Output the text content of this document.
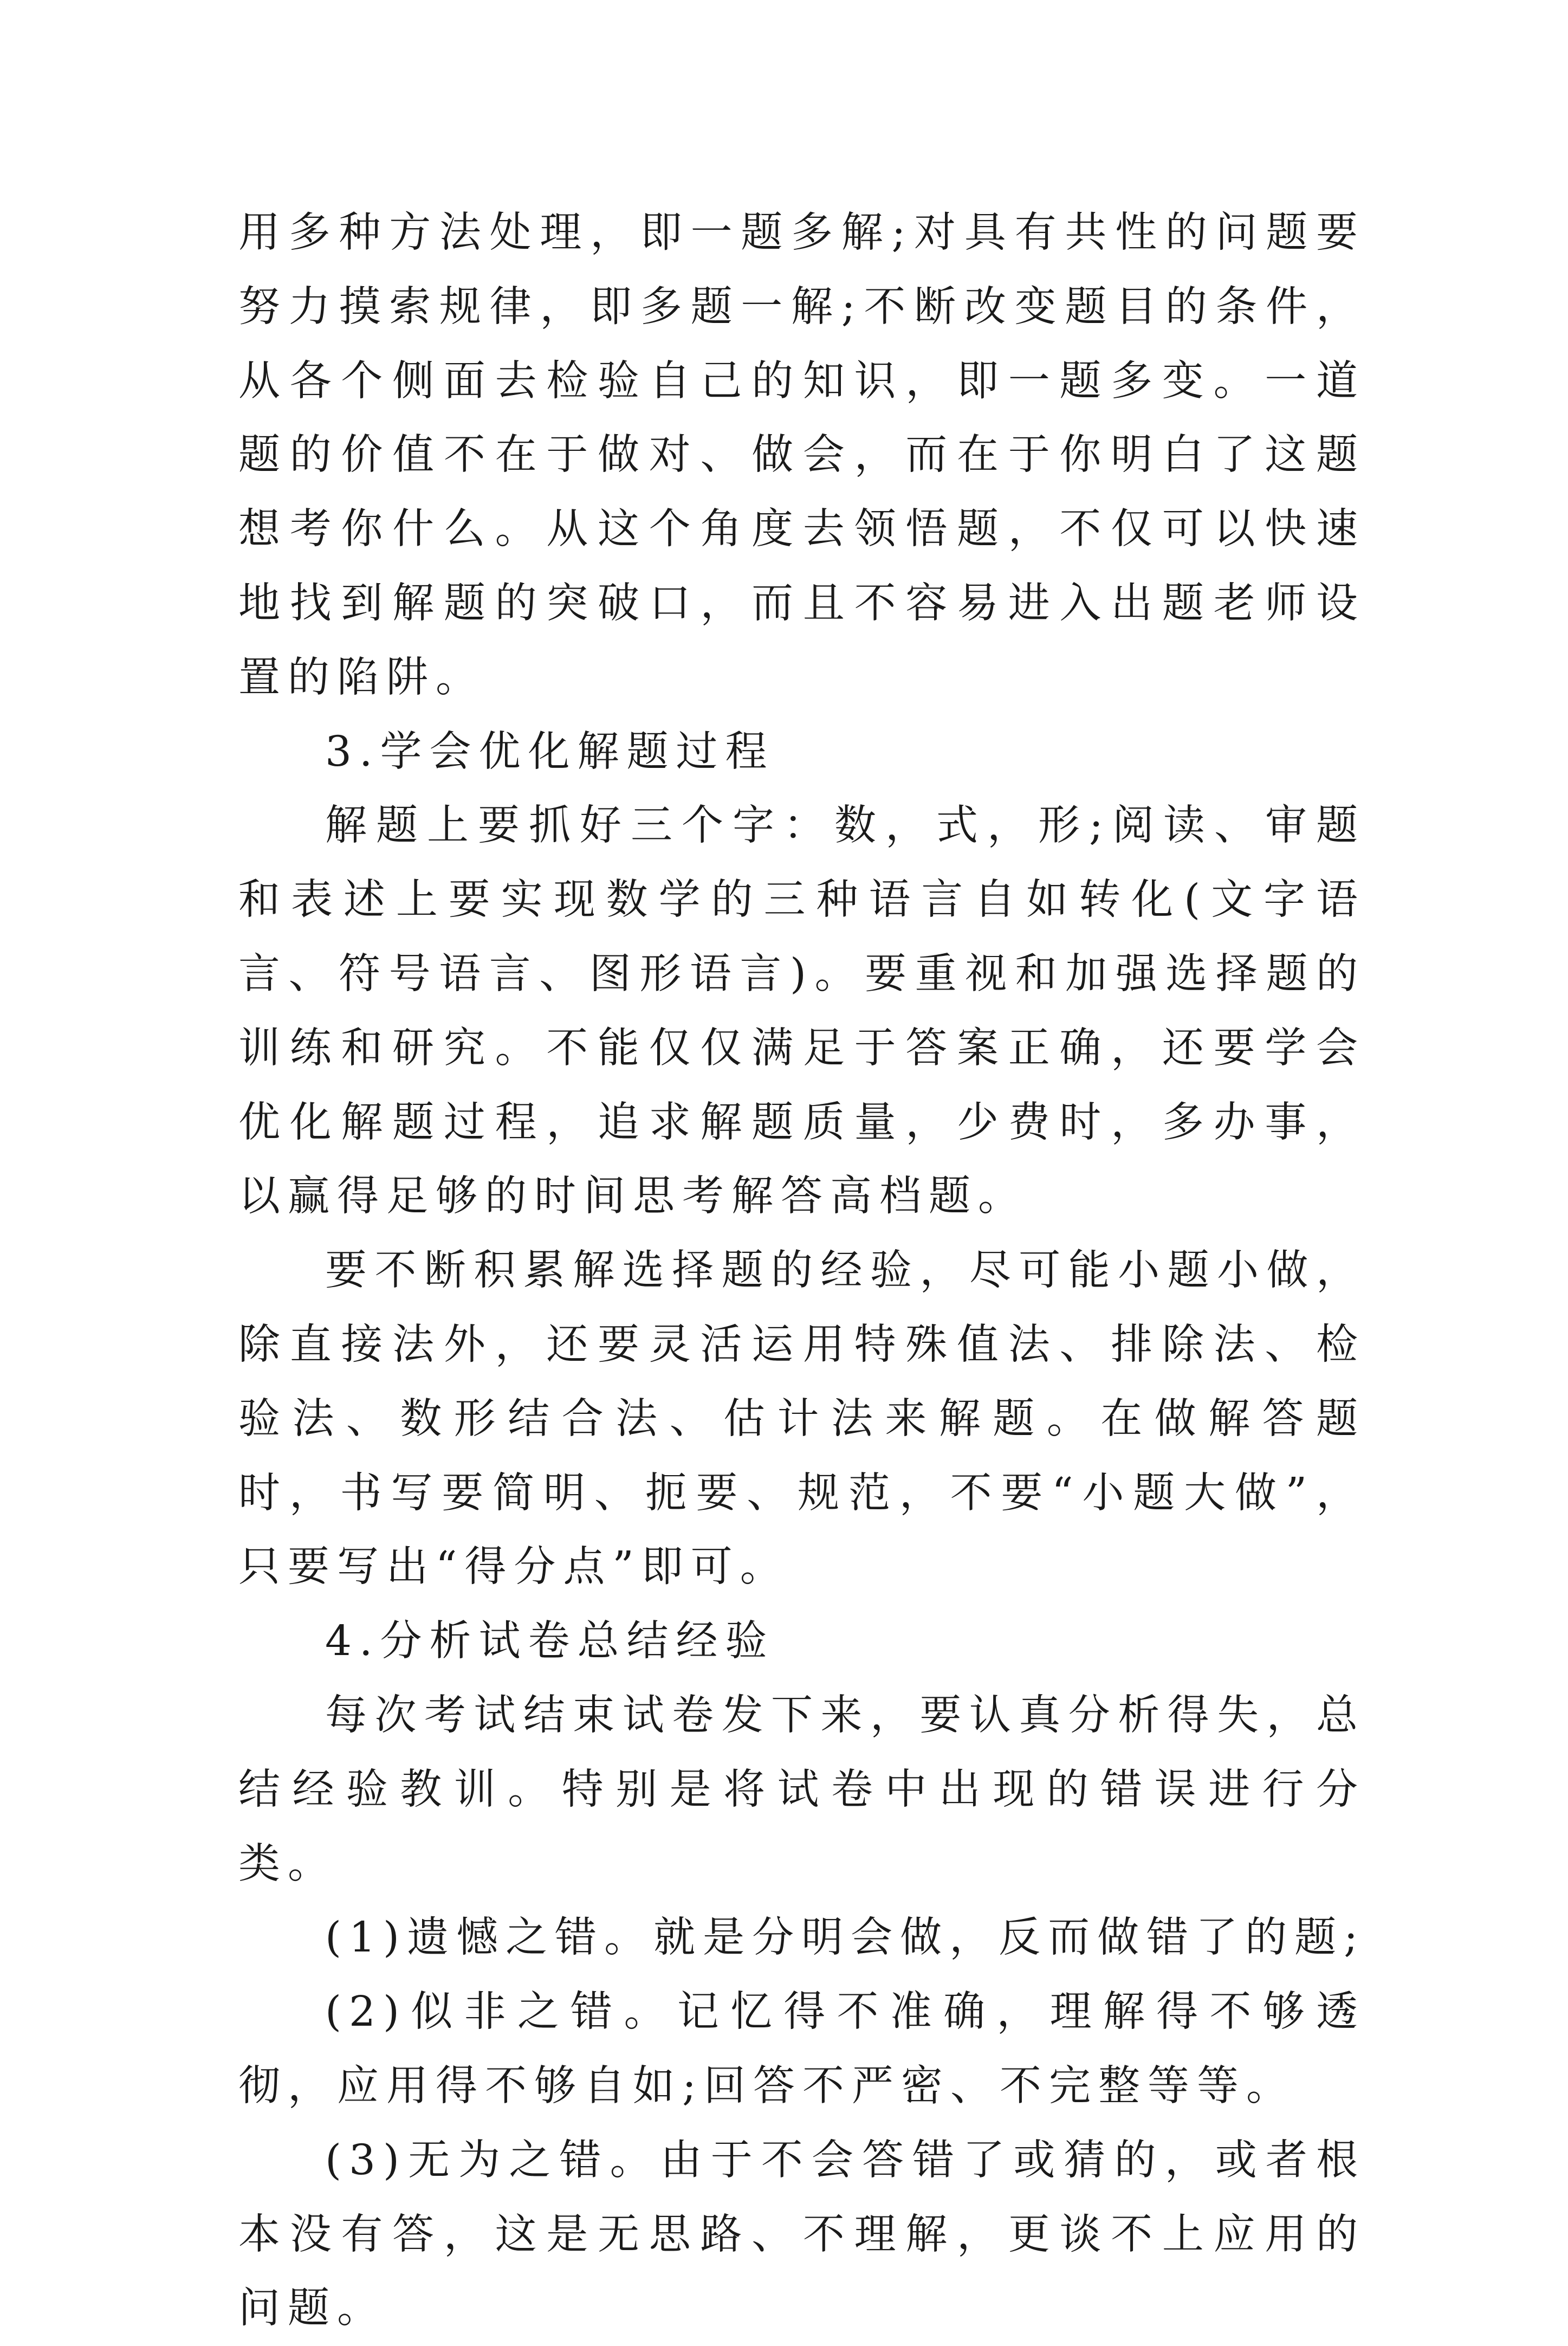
用多种方法处理，即一题多解;对具有共性的问题要努力摸索规律，即多题一解;不断改变题目的条件，从各个侧面去检验自己的知识，即一题多变。一道题的价值不在于做对、做会，而在于你明白了这题想考你什么。从这个角度去领悟题，不仅可以快速地找到解题的突破口，而且不容易进入出题老师设置的陷阱。

3.学会优化解题过程

解题上要抓好三个字：数，式，形;阅读、审题和表述上要实现数学的三种语言自如转化(文字语言、符号语言、图形语言)。要重视和加强选择题的训练和研究。不能仅仅满足于答案正确，还要学会优化解题过程，追求解题质量，少费时，多办事，以赢得足够的时间思考解答高档题。

要不断积累解选择题的经验，尽可能小题小做，除直接法外，还要灵活运用特殊值法、排除法、检验法、数形结合法、估计法来解题。在做解答题时，书写要简明、扼要、规范，不要“小题大做”，只要写出“得分点”即可。

4.分析试卷总结经验

每次考试结束试卷发下来，要认真分析得失，总结经验教训。特别是将试卷中出现的错误进行分类。

(1)遗憾之错。就是分明会做，反而做错了的题;

(2)似非之错。记忆得不准确，理解得不够透彻，应用得不够自如;回答不严密、不完整等等。

(3)无为之错。由于不会答错了或猜的，或者根本没有答，这是无思路、不理解，更谈不上应用的问题。
